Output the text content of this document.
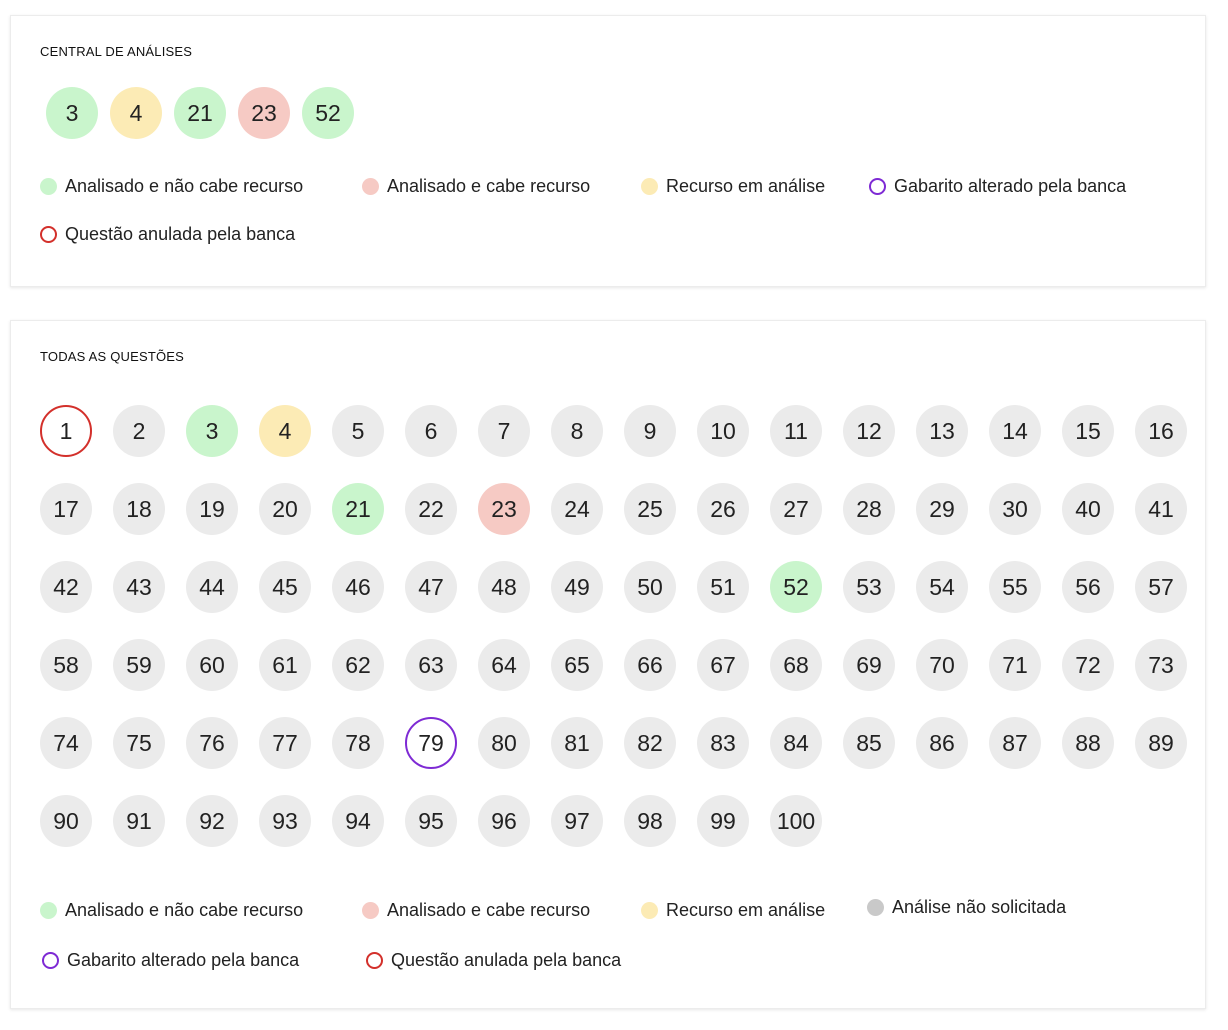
CENTRAL DE ANÁLISES
3	4	21	23	52
Analisado e não cabe recurso	Analisado e cabe recurso	Recurso em análise	Gabarito alterado pela banca
Questão anulada pela banca
TODAS AS QUESTÕES
1	2	3	4	5	6	7	8	9	10	11	12	13	14	15	16
17	18	19	20	21	22	23	24	25	26	27	28	29	30	40	41
42	43	44	45	46	47	48	49	50	51	52	53	54	55	56	57
58	59	60	61	62	63	64	65	66	67	68	69	70	71	72	73
74	75	76	77	78	79	80	81	82	83	84	85	86	87	88	89
90	91	92	93	94	95	96	97	98	99	100
Analisado e não cabe recurso	Analisado e cabe recurso	Recurso em análise	Análise não solicitada
Gabarito alterado pela banca	Questão anulada pela banca
